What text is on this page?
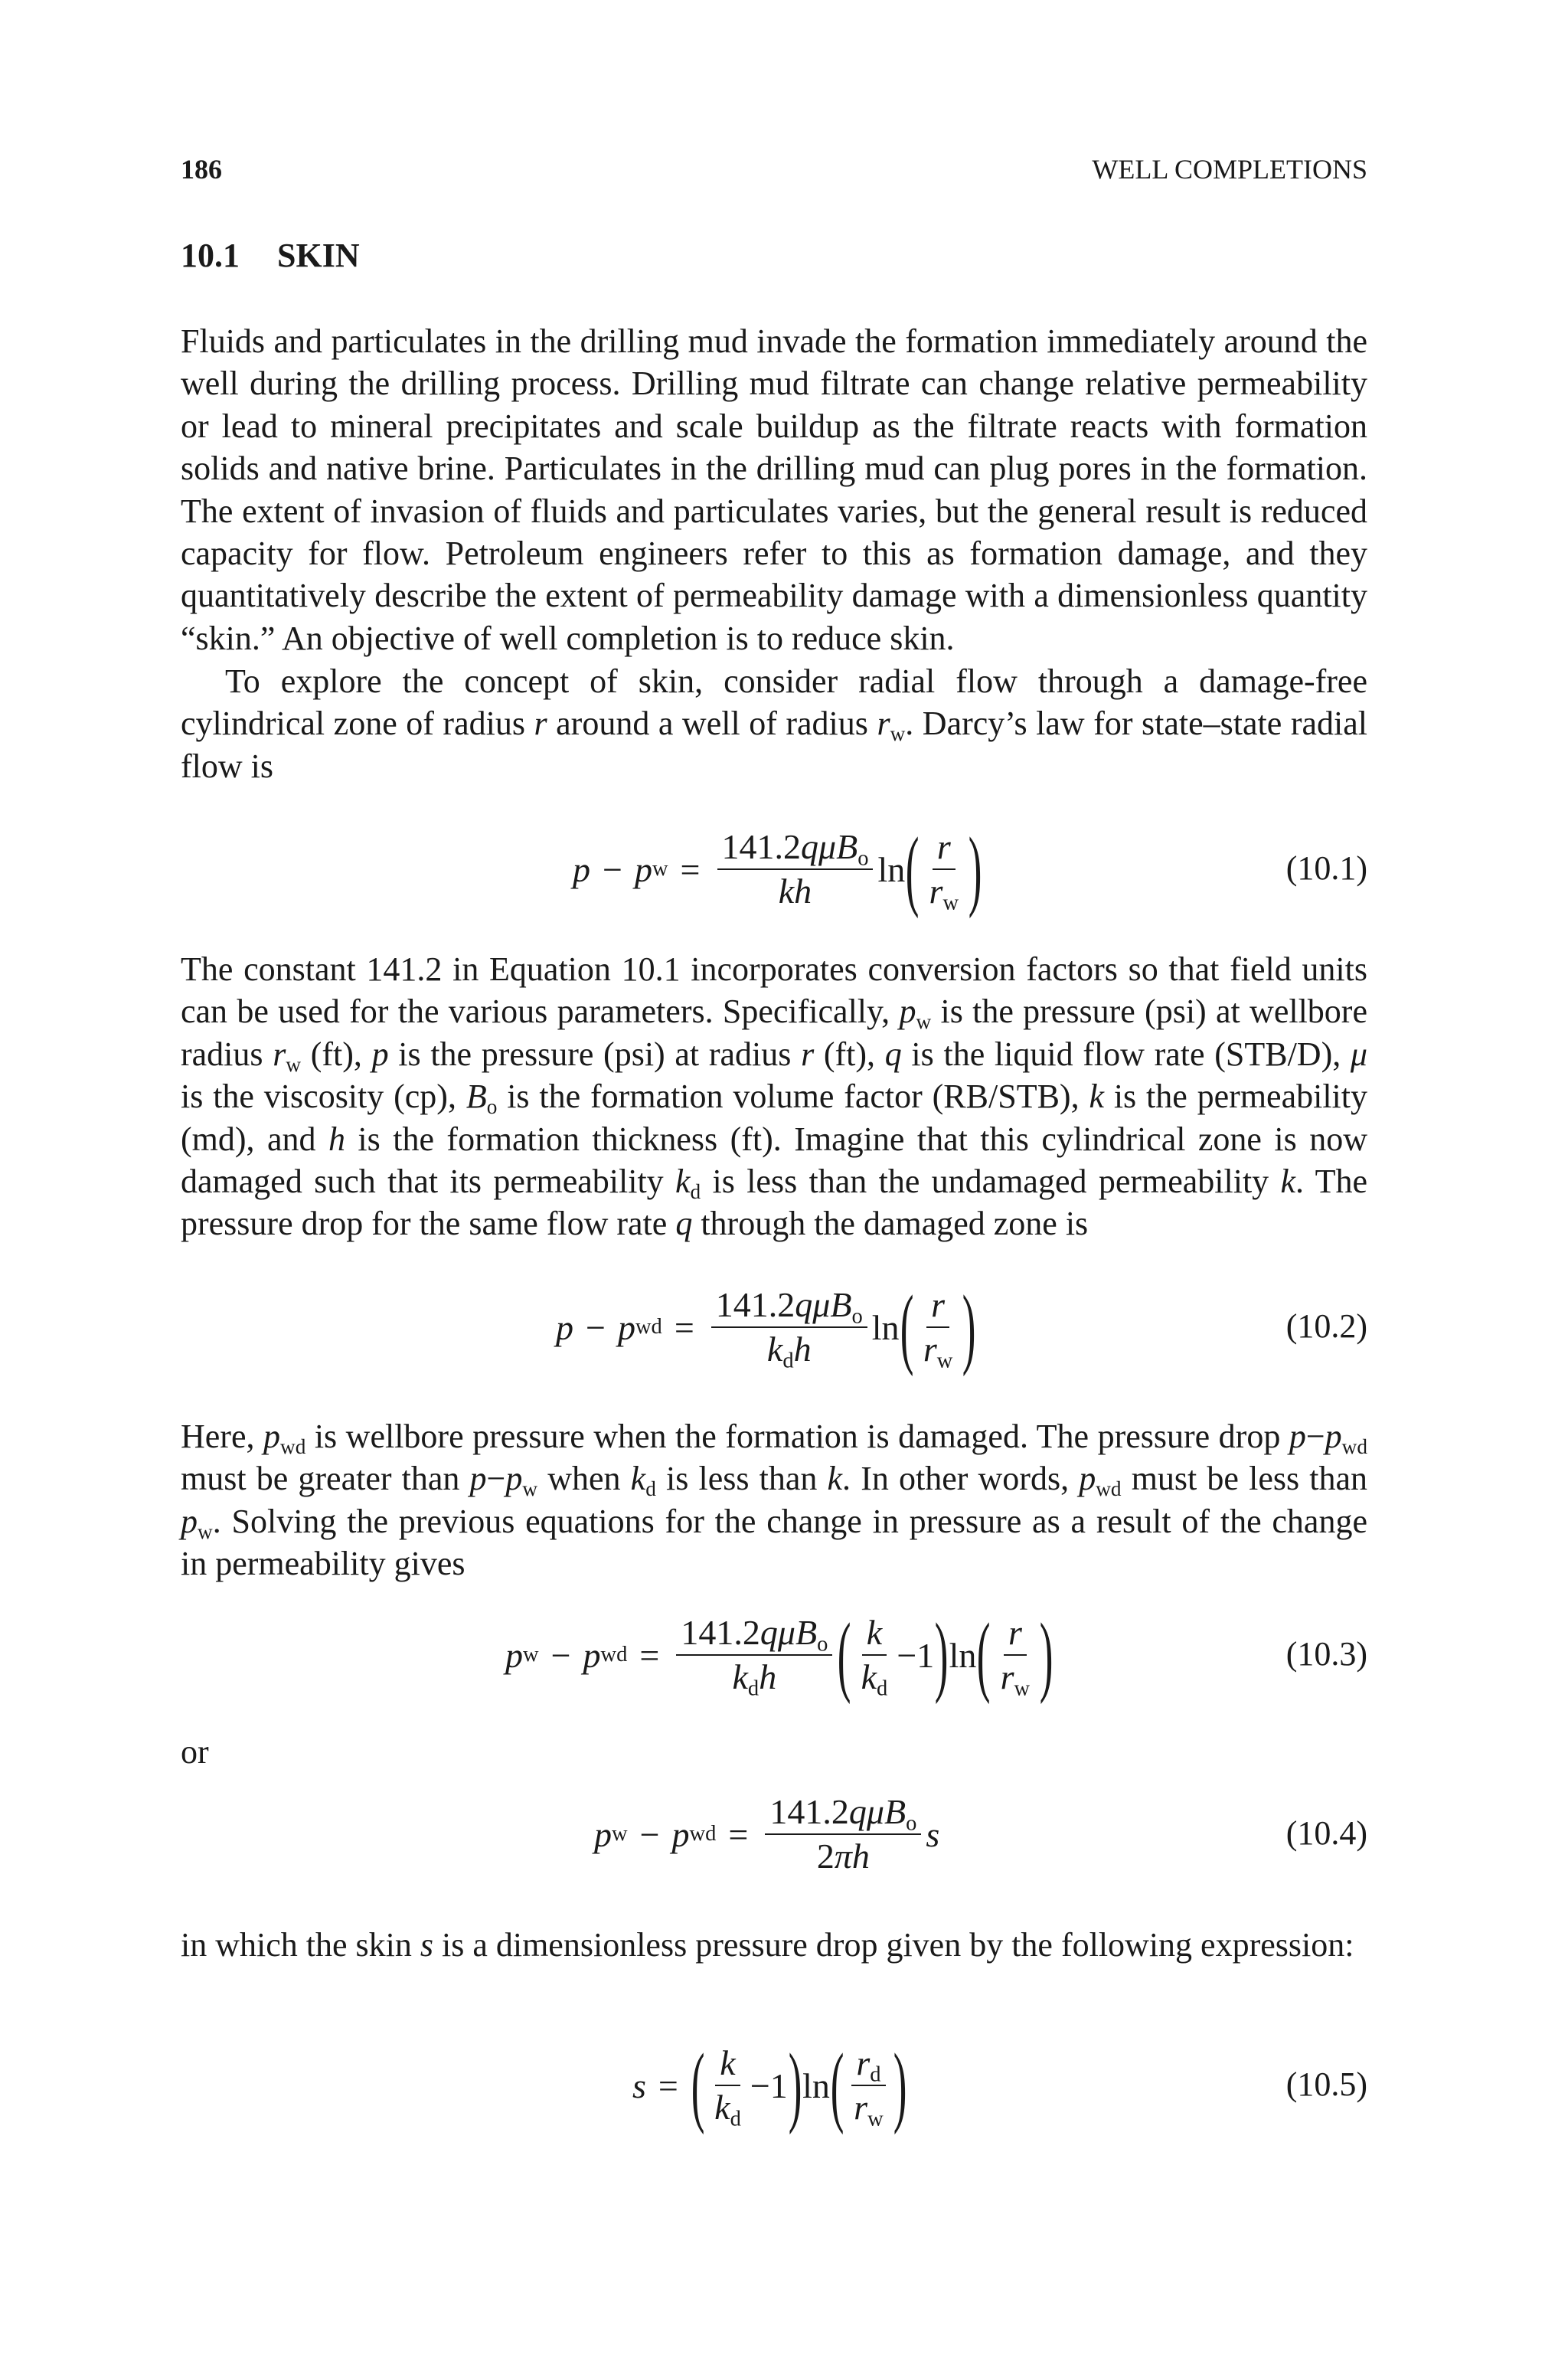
186	WELL COMPLETIONS
10.1 SKIN

Fluids and particulates in the drilling mud invade the formation immediately around the well during the drilling process. Drilling mud filtrate can change relative permeability or lead to mineral precipitates and scale buildup as the filtrate reacts with formation solids and native brine. Particulates in the drilling mud can plug pores in the formation. The extent of invasion of fluids and particulates varies, but the general result is reduced capacity for flow. Petroleum engineers refer to this as formation damage, and they quantitatively describe the extent of permeability damage with a dimensionless quantity “skin.” An objective of well completion is to reduce skin.

To explore the concept of skin, consider radial flow through a damage-free cylindrical zone of radius r around a well of radius $r_w$. Darcy’s law for state–state radial flow is

p − p $w = \frac{141.2q\mu B_o}{kh}$ ln ( $\frac{r}{r_w}$ )	(10.1)

The constant 141.2 in Equation 10.1 incorporates conversion factors so that field units can be used for the various parameters. Specifically, $p_w$ is the pressure (psi) at wellbore radius $r_w$ (ft), p is the pressure (psi) at radius r (ft), q is the liquid flow rate (STB/D), μ is the viscosity (cp), $B_o$ is the formation volume factor (RB/STB), k is the permeability (md), and h is the formation thickness (ft). Imagine that this cylindrical zone is now damaged such that its permeability $k_d$ is less than the undamaged permeability k. The pressure drop for the same flow rate q through the damaged zone is

p − p wd = $\frac{141.2q\mu B_o}{k_dh}$ ln ( $\frac{r}{r_w}$ )	(10.2)

Here, $p_{wd}$ is wellbore pressure when the formation is damaged. The pressure drop $p-p_{wd}$ must be greater than $p-p_w$ when $k_d$ is less than k. In other words, $p_{wd}$ must be less than $p_w$. Solving the previous equations for the change in pressure as a result of the change in permeability gives

p w − p wd = $\frac{141.2q\mu B_o}{k_dh}$ ( $\frac{k}{k_d} -1$ ) ln ( $\frac{r}{r_w}$ )	(10.3)
or
p w − p wd = $\frac{141.2q\mu B_o}{2\pi h}$ s	(10.4)

in which the skin s is a dimensionless pressure drop given by the following expression:

s = ( $\frac{k}{k_d} -1$ ) ln ( $\frac{r_d}{r_w}$ )	(10.5)
